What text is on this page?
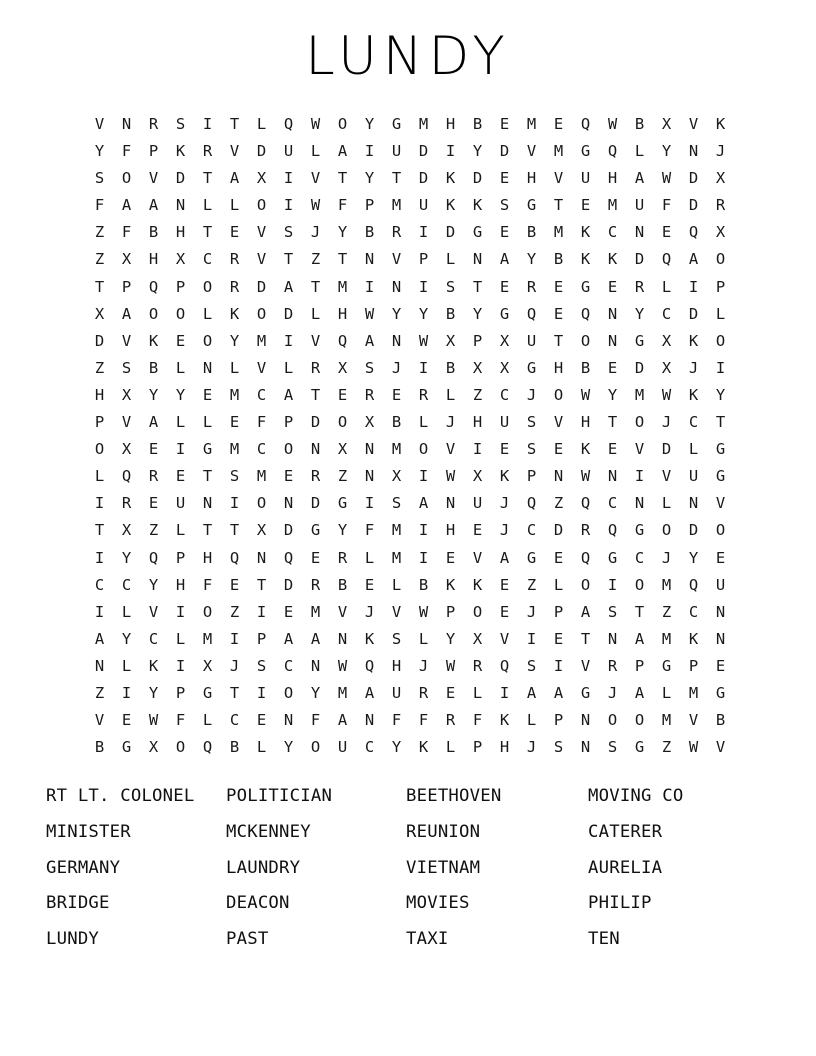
LUNDY
V	N	R	S	I	T	L	Q	W	O	Y	G	M	H	B	E	M	E	Q	W	B	X	V	K
Y	F	P	K	R	V	D	U	L	A	I	U	D	I	Y	D	V	M	G	Q	L	Y	N	J
S	O	V	D	T	A	X	I	V	T	Y	T	D	K	D	E	H	V	U	H	A	W	D	X
F	A	A	N	L	L	O	I	W	F	P	M	U	K	K	S	G	T	E	M	U	F	D	R
Z	F	B	H	T	E	V	S	J	Y	B	R	I	D	G	E	B	M	K	C	N	E	Q	X
Z	X	H	X	C	R	V	T	Z	T	N	V	P	L	N	A	Y	B	K	K	D	Q	A	O
T	P	Q	P	O	R	D	A	T	M	I	N	I	S	T	E	R	E	G	E	R	L	I	P
X	A	O	O	L	K	O	D	L	H	W	Y	Y	B	Y	G	Q	E	Q	N	Y	C	D	L
D	V	K	E	O	Y	M	I	V	Q	A	N	W	X	P	X	U	T	O	N	G	X	K	O
Z	S	B	L	N	L	V	L	R	X	S	J	I	B	X	X	G	H	B	E	D	X	J	I
H	X	Y	Y	E	M	C	A	T	E	R	E	R	L	Z	C	J	O	W	Y	M	W	K	Y
P	V	A	L	L	E	F	P	D	O	X	B	L	J	H	U	S	V	H	T	O	J	C	T
O	X	E	I	G	M	C	O	N	X	N	M	O	V	I	E	S	E	K	E	V	D	L	G
L	Q	R	E	T	S	M	E	R	Z	N	X	I	W	X	K	P	N	W	N	I	V	U	G
I	R	E	U	N	I	O	N	D	G	I	S	A	N	U	J	Q	Z	Q	C	N	L	N	V
T	X	Z	L	T	T	X	D	G	Y	F	M	I	H	E	J	C	D	R	Q	G	O	D	O
I	Y	Q	P	H	Q	N	Q	E	R	L	M	I	E	V	A	G	E	Q	G	C	J	Y	E
C	C	Y	H	F	E	T	D	R	B	E	L	B	K	K	E	Z	L	O	I	O	M	Q	U
I	L	V	I	O	Z	I	E	M	V	J	V	W	P	O	E	J	P	A	S	T	Z	C	N
A	Y	C	L	M	I	P	A	A	N	K	S	L	Y	X	V	I	E	T	N	A	M	K	N
N	L	K	I	X	J	S	C	N	W	Q	H	J	W	R	Q	S	I	V	R	P	G	P	E
Z	I	Y	P	G	T	I	O	Y	M	A	U	R	E	L	I	A	A	G	J	A	L	M	G
V	E	W	F	L	C	E	N	F	A	N	F	F	R	F	K	L	P	N	O	O	M	V	B
B	G	X	O	Q	B	L	Y	O	U	C	Y	K	L	P	H	J	S	N	S	G	Z	W	V
RT LT. COLONEL	POLITICIAN	BEETHOVEN	MOVING CO
MINISTER	MCKENNEY	REUNION	CATERER
GERMANY	LAUNDRY	VIETNAM	AURELIA
BRIDGE	DEACON	MOVIES	PHILIP
LUNDY	PAST	TAXI	TEN
